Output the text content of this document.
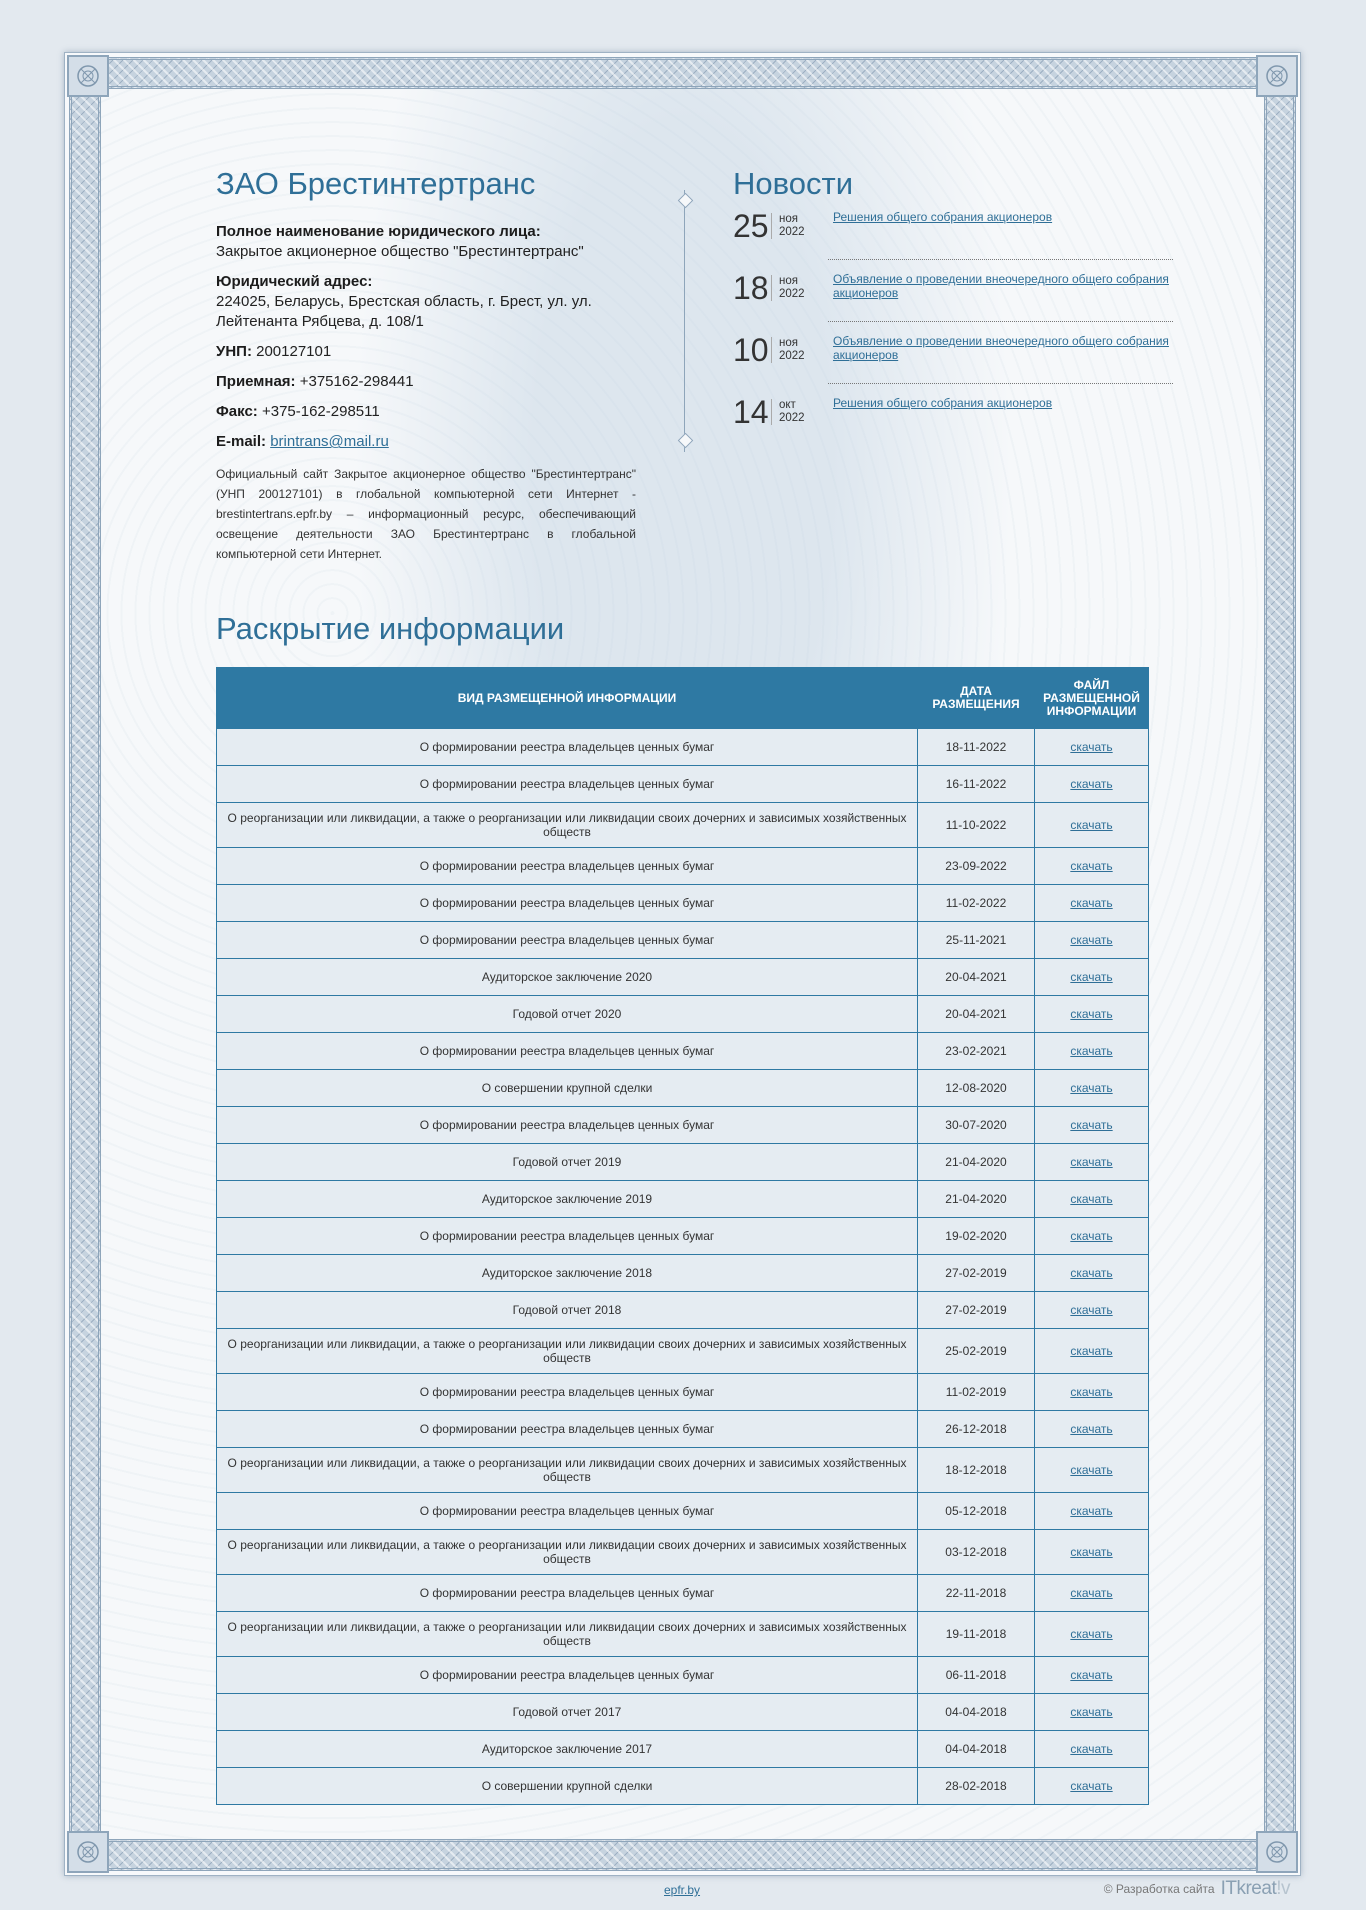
ЗАО Брестинтертранс

Полное наименование юридического лица:
Закрытое акционерное общество "Брестинтертранс"

Юридический адрес:
224025, Беларусь, Брестская область, г. Брест, ул. ул. Лейтенанта Рябцева, д. 108/1

УНП: 200127101

Приемная: +375162-298441

Факс: +375-162-298511

E-mail: brintrans@mail.ru

Официальный сайт Закрытое акционерное общество "Брестинтертранс" (УНП 200127101) в глобальной компьютерной сети Интернет - brestintertrans.epfr.by – информационный ресурс, обеспечивающий освещение деятельности ЗАО Брестинтертранс в глобальной компьютерной сети Интернет.
Новости
25 ноя
2022
Решения общего собрания акционеров
18 ноя
2022
Объявление о проведении внеочередного общего собрания акционеров
10 ноя
2022
Объявление о проведении внеочередного общего собрания акционеров
14 окт
2022
Решения общего собрания акционеров
Раскрытие информации
ВИД РАЗМЕЩЕННОЙ ИНФОРМАЦИИ	ДАТА РАЗМЕЩЕНИЯ	ФАЙЛ РАЗМЕЩЕННОЙ ИНФОРМАЦИИ
О формировании реестра владельцев ценных бумаг	18-11-2022	скачать
О формировании реестра владельцев ценных бумаг	16-11-2022	скачать
О реорганизации или ликвидации, а также о реорганизации или ликвидации своих дочерних и зависимых хозяйственных обществ	11-10-2022	скачать
О формировании реестра владельцев ценных бумаг	23-09-2022	скачать
О формировании реестра владельцев ценных бумаг	11-02-2022	скачать
О формировании реестра владельцев ценных бумаг	25-11-2021	скачать
Аудиторское заключение 2020	20-04-2021	скачать
Годовой отчет 2020	20-04-2021	скачать
О формировании реестра владельцев ценных бумаг	23-02-2021	скачать
О совершении крупной сделки	12-08-2020	скачать
О формировании реестра владельцев ценных бумаг	30-07-2020	скачать
Годовой отчет 2019	21-04-2020	скачать
Аудиторское заключение 2019	21-04-2020	скачать
О формировании реестра владельцев ценных бумаг	19-02-2020	скачать
Аудиторское заключение 2018	27-02-2019	скачать
Годовой отчет 2018	27-02-2019	скачать
О реорганизации или ликвидации, а также о реорганизации или ликвидации своих дочерних и зависимых хозяйственных обществ	25-02-2019	скачать
О формировании реестра владельцев ценных бумаг	11-02-2019	скачать
О формировании реестра владельцев ценных бумаг	26-12-2018	скачать
О реорганизации или ликвидации, а также о реорганизации или ликвидации своих дочерних и зависимых хозяйственных обществ	18-12-2018	скачать
О формировании реестра владельцев ценных бумаг	05-12-2018	скачать
О реорганизации или ликвидации, а также о реорганизации или ликвидации своих дочерних и зависимых хозяйственных обществ	03-12-2018	скачать
О формировании реестра владельцев ценных бумаг	22-11-2018	скачать
О реорганизации или ликвидации, а также о реорганизации или ликвидации своих дочерних и зависимых хозяйственных обществ	19-11-2018	скачать
О формировании реестра владельцев ценных бумаг	06-11-2018	скачать
Годовой отчет 2017	04-04-2018	скачать
Аудиторское заключение 2017	04-04-2018	скачать
О совершении крупной сделки	28-02-2018	скачать
epfr.by	© Разработка сайта ITkreat!v
